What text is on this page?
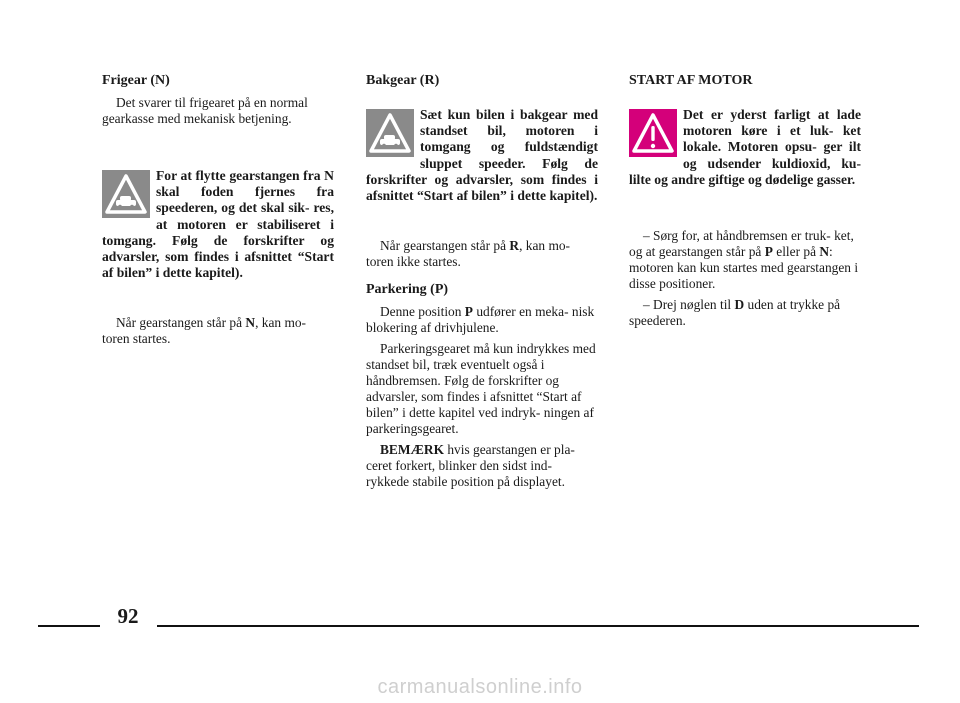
Frigear (N)

Det svarer til frigearet på en normal gearkasse med mekanisk betjening.

For at flytte gearstangen fra N skal foden fjernes fra speederen, og det skal sik- res, at motoren er stabiliseret i tomgang. Følg de forskrifter og advarsler, som findes i afsnittet “Start af bilen” i dette kapitel).

Når gearstangen står på N, kan mo- toren startes.

Bakgear (R)
Sæt kun bilen i bakgear med standset bil, motoren i tomgang og fuldstændigt sluppet speeder. Følg de forskrifter og advarsler, som findes i afsnittet “Start af bilen” i dette kapitel).

Når gearstangen står på R, kan mo- toren ikke startes.

Parkering (P)

Denne position P udfører en meka- nisk blokering af drivhjulene.

Parkeringsgearet må kun indrykkes med standset bil, træk eventuelt også i håndbremsen. Følg de forskrifter og advarsler, som findes i afsnittet “Start af bilen” i dette kapitel ved indryk- ningen af parkeringsgearet.

BEMÆRK hvis gearstangen er pla- ceret forkert, blinker den sidst ind- rykkede stabile position på displayet.

START AF MOTOR
Det er yderst farligt at lade motoren køre i et luk- ket lokale. Motoren opsu- ger ilt og udsender kuldioxid, ku- lilte og andre giftige og dødelige gasser.

– Sørg for, at håndbremsen er truk- ket, og at gearstangen står på P eller på N: motoren kan kun startes med gearstangen i disse positioner.

– Drej nøglen til D uden at trykke på speederen.

92
carmanualsonline.info
